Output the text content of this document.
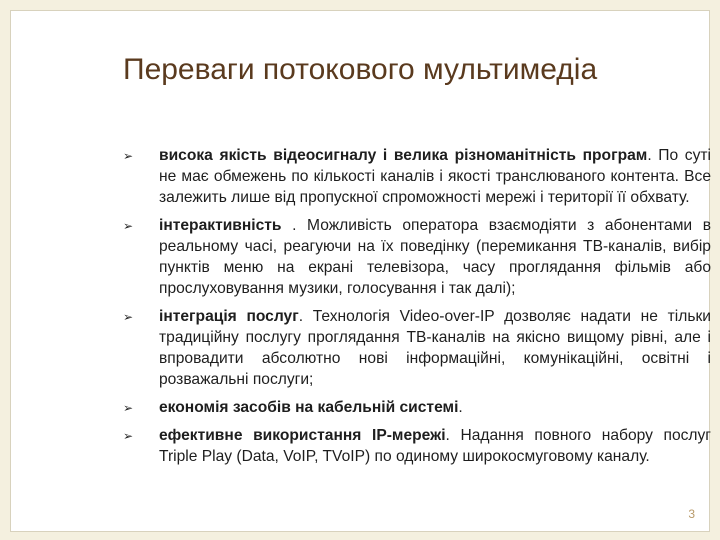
Переваги потокового мультимедіа
➢ висока якість відеосигналу і велика різноманітність програм. По суті не має обмежень по кількості каналів і якості транслюваного контента. Все залежить лише від пропускної спроможності мережі і території її обхвату.
➢ інтерактивність . Можливість оператора взаємодіяти з абонентами в реальному часі, реагуючи на їх поведінку (перемикання ТВ-каналів, вибір пунктів меню на екрані телевізора, часу проглядання фільмів або прослуховування музики, голосування і так далі);
➢ інтеграція послуг. Технологія Video-over-IP дозволяє надати не тільки традиційну послугу проглядання ТВ-каналів на якісно вищому рівні, але і впровадити абсолютно нові інформаційні, комунікаційні, освітні і розважальні послуги;
➢ економія засобів на кабельній системі.
➢ ефективне використання IP-мережі. Надання повного набору послуг Triple Play (Data, VoIP, TVoIP) по одиному широкосмуговому каналу.
3
